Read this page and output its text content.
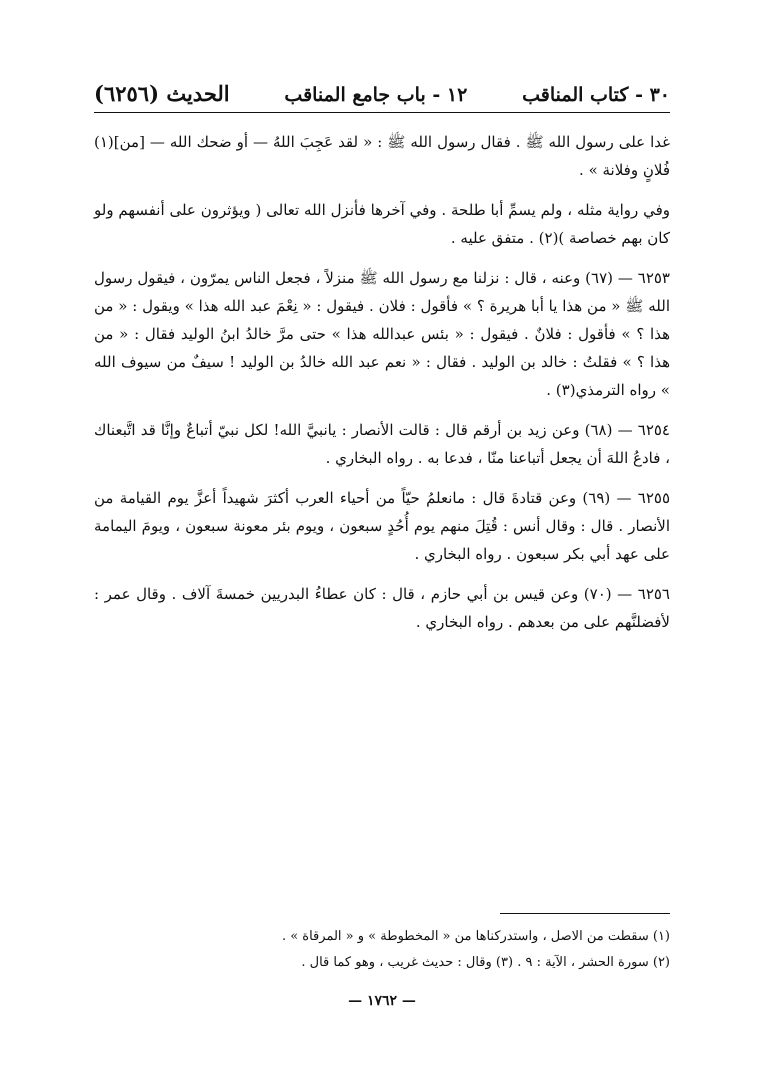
٣٠ - كتاب المناقب
١٢ - باب جامع المناقب
الحديث (٦٢٥٦)

غدا على رسول الله ﷺ . فقال رسول الله ﷺ : « لقد عَجِبَ اللهُ — أو ضحك الله — [من](١) فُلانٍ وفلانة » .

وفي رواية مثله ، ولم يسمِّ أبا طلحة . وفي آخرها فأنزل الله تعالى ( ويؤثرون على أنفسهم ولو كان بهم خصاصة )(٢) . متفق عليه .

٦٢٥٣ — (٦٧) وعنه ، قال : نزلنا مع رسول الله ﷺ منزلاً ، فجعل الناس يمرّون ، فيقول رسول الله ﷺ « من هذا يا أبا هريرة ؟ » فأقول : فلان . فيقول : « نِعْمَ عبد الله هذا » ويقول : « من هذا ؟ » فأقول : فلانٌ . فيقول : « بئس عبدالله هذا » حتى مرَّ خالدُ ابنُ الوليد فقال : « من هذا ؟ » فقلتُ : خالد بن الوليد . فقال : « نعم عبد الله خالدُ بن الوليد ! سيفٌ من سيوف الله » رواه الترمذي(٣) .

٦٢٥٤ — (٦٨) وعن زيد بن أرقم قال : قالت الأنصار : يانبيَّ الله! لكل نبيّ أتباعٌ وإنَّا قد اتَّبعناك ، فادعُ اللهَ أن يجعل أتباعنا منّا ، فدعا به . رواه البخاري .

٦٢٥٥ — (٦٩) وعن قتادةَ قال : مانعلمُ حيّاً من أحياء العرب أكثرَ شهيداً أعزَّ يوم القيامة من الأنصار . قال : وقال أنس : قُتِلَ منهم يوم أُحُدٍ سبعون ، ويوم بئر معونة سبعون ، ويومَ اليمامة على عهد أبي بكر سبعون . رواه البخاري .

٦٢٥٦ — (٧٠) وعن قيس بن أبي حازم ، قال : كان عطاءُ البدريين خمسةَ آلاف . وقال عمر : لأفضلنَّهم على من بعدهم . رواه البخاري .

(١) سقطت من الاصل ، واستدركناها من « المخطوطة » و « المرقاة » .
(٢) سورة الحشر ، الآية : ٩ . (٣) وقال : حديث غريب ، وهو كما قال .
— ١٧٦٢ —
